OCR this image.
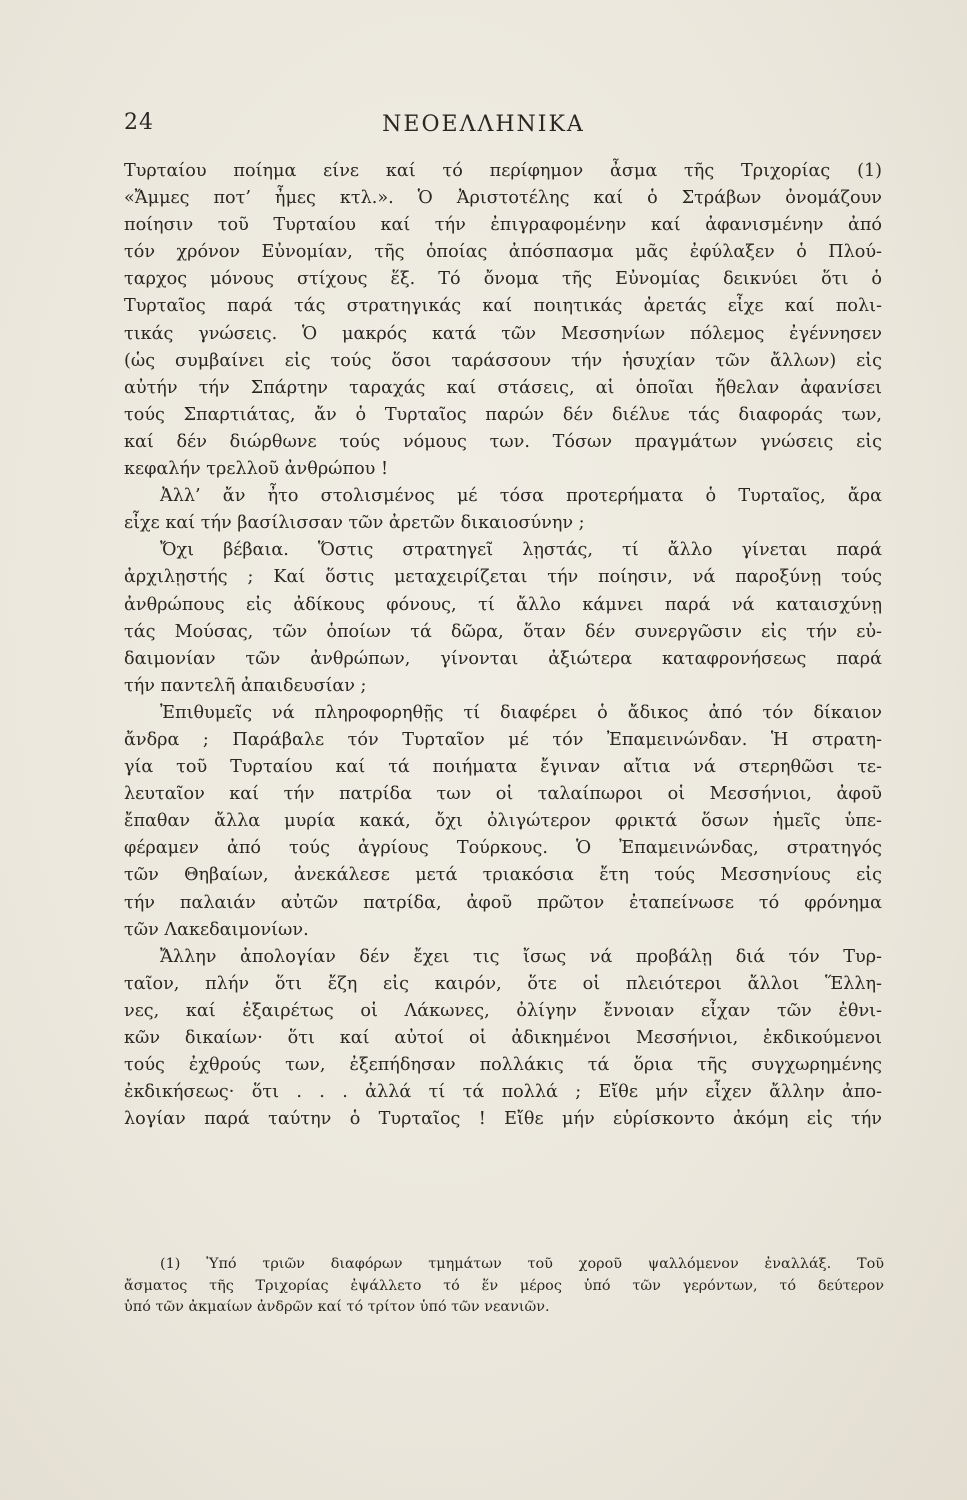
24	ΝΕΟΕΛΛΗΝΙΚΑ
Τυρταίου ποίημα είνε καί τό περίφημον ἆσμα τῆς Τριχορίας (1)
«Ἄμμες ποτ’ ἦμες κτλ.». Ὁ Ἀριστοτέλης καί ὁ Στράβων ὀνομάζουν
ποίησιν τοῦ Τυρταίου καί τήν ἐπιγραφομένην καί ἀφανισμένην ἀπό
τόν χρόνον Εὐνομίαν, τῆς ὁποίας ἀπόσπασμα μᾶς ἐφύλαξεν ὁ Πλού-
ταρχος μόνους στίχους ἕξ. Τό ὄνομα τῆς Εὐνομίας δεικνύει ὅτι ὁ
Τυρταῖος παρά τάς στρατηγικάς καί ποιητικάς ἀρετάς εἶχε καί πολι-
τικάς γνώσεις. Ὁ μακρός κατά τῶν Μεσσηνίων πόλεμος ἐγέννησεν
(ὡς συμβαίνει εἰς τούς ὅσοι ταράσσουν τήν ἡσυχίαν τῶν ἄλλων) εἰς
αὐτήν τήν Σπάρτην ταραχάς καί στάσεις, αἱ ὁποῖαι ἤθελαν ἀφανίσει
τούς Σπαρτιάτας, ἄν ὁ Τυρταῖος παρών δέν διέλυε τάς διαφοράς των,
καί δέν διώρθωνε τούς νόμους των. Τόσων πραγμάτων γνώσεις εἰς
κεφαλήν τρελλοῦ ἀνθρώπου !
Ἀλλ’ ἄν ἦτο στολισμένος μέ τόσα προτερήματα ὁ Τυρταῖος, ἄρα
εἶχε καί τήν βασίλισσαν τῶν ἀρετῶν δικαιοσύνην ;
Ὄχι βέβαια. Ὅστις στρατηγεῖ λῃστάς, τί ἄλλο γίνεται παρά
ἀρχιλῃστής ; Καί ὅστις μεταχειρίζεται τήν ποίησιν, νά παροξύνῃ τούς
ἀνθρώπους εἰς ἀδίκους φόνους, τί ἄλλο κάμνει παρά νά καταισχύνῃ
τάς Μούσας, τῶν ὁποίων τά δῶρα, ὅταν δέν συνεργῶσιν εἰς τήν εὐ-
δαιμονίαν τῶν ἀνθρώπων, γίνονται ἀξιώτερα καταφρονήσεως παρά
τήν παντελῆ ἀπαιδευσίαν ;
Ἐπιθυμεῖς νά πληροφορηθῇς τί διαφέρει ὁ ἄδικος ἀπό τόν δίκαιον
ἄνδρα ; Παράβαλε τόν Τυρταῖον μέ τόν Ἐπαμεινώνδαν. Ἡ στρατη-
γία τοῦ Τυρταίου καί τά ποιήματα ἔγιναν αἴτια νά στερηθῶσι τε-
λευταῖον καί τήν πατρίδα των οἱ ταλαίπωροι οἱ Μεσσήνιοι, ἀφοῦ
ἔπαθαν ἄλλα μυρία κακά, ὄχι ὀλιγώτερον φρικτά ὅσων ἡμεῖς ὑπε-
φέραμεν ἀπό τούς ἀγρίους Τούρκους. Ὁ Ἐπαμεινώνδας, στρατηγός
τῶν Θηβαίων, ἀνεκάλεσε μετά τριακόσια ἔτη τούς Μεσσηνίους εἰς
τήν παλαιάν αὐτῶν πατρίδα, ἀφοῦ πρῶτον ἐταπείνωσε τό φρόνημα
τῶν Λακεδαιμονίων.
Ἄλλην ἀπολογίαν δέν ἔχει τις ἴσως νά προβάλῃ διά τόν Τυρ-
ταῖον, πλήν ὅτι ἔζη εἰς καιρόν, ὅτε οἱ πλειότεροι ἄλλοι Ἕλλη-
νες, καί ἐξαιρέτως οἱ Λάκωνες, ὀλίγην ἔννοιαν εἶχαν τῶν ἐθνι-
κῶν δικαίων· ὅτι καί αὐτοί οἱ ἀδικημένοι Μεσσήνιοι, ἐκδικούμενοι
τούς ἐχθρούς των, ἐξεπήδησαν πολλάκις τά ὅρια τῆς συγχωρημένης
ἐκδικήσεως· ὅτι . . . ἀλλά τί τά πολλά ; Εἴθε μήν εἶχεν ἄλλην ἀπο-
λογίαν παρά ταύτην ὁ Τυρταῖος ! Εἴθε μήν εὑρίσκοντο ἀκόμη εἰς τήν
(1) Ὑπό τριῶν διαφόρων τμημάτων τοῦ χοροῦ ψαλλόμενον ἐναλλάξ. Τοῦ
ἄσματος τῆς Τριχορίας ἐψάλλετο τό ἕν μέρος ὑπό τῶν γερόντων, τό δεύτερον
ὑπό τῶν ἀκμαίων ἀνδρῶν καί τό τρίτον ὑπό τῶν νεανιῶν.
